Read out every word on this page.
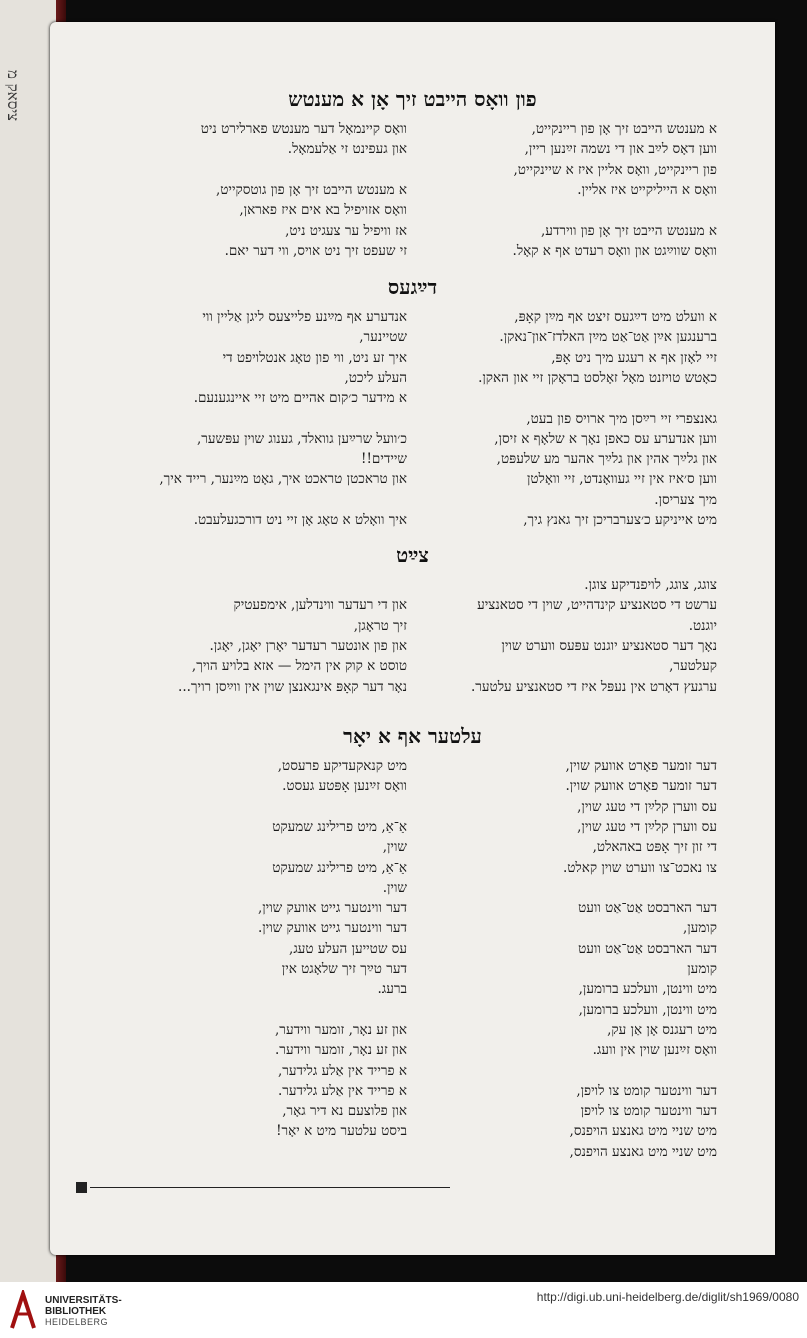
ציסאק מ	פון וואָס הייבט זיך אָן א מענטש
א מענטש הייבט זיך אָן פון ריינקייט,
וואָס קיינמאָל דער מענטש פארלירט ניט
ווען דאָס לײַב און די נשמה זײַנען ריין,
און געפינט זי אַלעמאָל.
פון ריינקייט, וואָס אליין איז א שיינקייט,
וואָס א הייליקייט איז אליין.
א מענטש הייבט זיך אָן פון גוטסקייט,
וואָס אזויפיל בא אים איז פאראן,
א מענטש הייבט זיך אָן פון ווירדע,
אז וויפיל ער צעגיט ניט,
וואָס שווײַגט און וואָס רעדט אף א קאָל.
זי שעפט זיך ניט אויס, ווי דער יאם.
דײַגעס
א וועלט מיט דײַגעס זיצט אף מײַן קאָפּ,
אנדערע אף מײַנע פלייצעס ליגן אַליין ווי
ברענגען אײַן אַט־אַט מײַן האלדז־און־נאקן.
שטיינער,
זיי לאָזן אף א רעגע מיך ניט אָפּ,
איך זע ניט, ווי פון טאָג אנטלויפט די
כאָטש טויזנט מאָל זאָלסט בראָקן זיי און האקן.
העלע ליכט,
א מידער כ׳קום אהיים מיט זיי איינגענעם.
גאנצפרי זיי רײַסן מיך ארויס פון בעט,
ווען אנדערע עס כאפן נאָך א שלאָף א זיסן,
כ׳וועל שרײַען גוואלד, גענוג שוין עפּשער,
און גלײַך אהין און גלײַך אהער מע שלעפּט,
שיידים!!
ווען ס׳איז אין זיי געוואָנדט, זיי וואָלטן
און טראכטן טראכט איך, גאָט מײַנער, רייד איך,
מיך צעריסן.
מיט אייניקע כ׳צערבריכן זיך גאנץ גיך,
איך וואָלט א טאָג אָן זיי ניט דורכגעלעבט.
צײַט
צוגג, צוגג, לויפנדיקע צוגן.
ערשט די סטאנציע קינדהייט, שוין די סטאנציע
און די רעדער ווינדלען, אימפעטיק
יוגנט.
זיך טראָגן,
נאָך דער סטאנציע יוגנט עפּעס ווערט שוין
און פון אונטער רעדער יאָרן יאָגן, יאָגן.
קעלטער,
טוסט א קוק אין הימל — אזא בלויע הויך,
ערגעץ דאָרט אין נעפּל איז די סטאנציע עלטער.
נאָר דער קאָפּ אינגאנצן שוין אין ווײַסן רויך...
עלטער אף א יאָר
דער זומער פאָרט אוועק שוין,
מיט קנאקעדיקע פרעסט,
דער זומער פאָרט אוועק שוין.
וואָס זײַנען אָפּטע געסט.
עס ווערן קלײַן די טעג שוין,
עס ווערן קלײַן די טעג שוין,
אַ־אַ, מיט פרילינג שמעקט
די זון זיך אָפּט באהאלט,
שוין,
צו נאכט־צו ווערט שוין קאלט.
אַ־אַ, מיט פרילינג שמעקט
שוין.
דער הארבסט אַט־אַט וועט
דער ווינטער גייט אוועק שוין,
קומען,
דער ווינטער גייט אוועק שוין.
דער הארבסט אַט־אַט וועט
עס שטייען העלע טעג,
קומען
דער טײַך זיך שלאָגט אין
מיט ווינטן, וועלכע ברומען,
ברעג.
מיט ווינטן, וועלכע ברומען,
מיט רעגנס אָן אַן עק,
און זע נאָר, זומער ווידער,
וואָס זײַנען שוין אין וועג.
און זע נאָר, זומער ווידער.
א פרייד אין אַלע גלידער,
דער ווינטער קומט צו לויפן,
א פרייד אין אַלע גלידער.
דער ווינטער קומט צו לויפן
און פלוצעם נא דיר גאָר,
מיט שניי מיט גאנצע הויפנס,
ביסט עלטער מיט א יאָר!
מיט שניי מיט גאנצע הויפנס,
UNIVERSITÄTS-
BIBLIOTHEK
HEIDELBERG
http://digi.ub.uni-heidelberg.de/diglit/sh1969/0080
